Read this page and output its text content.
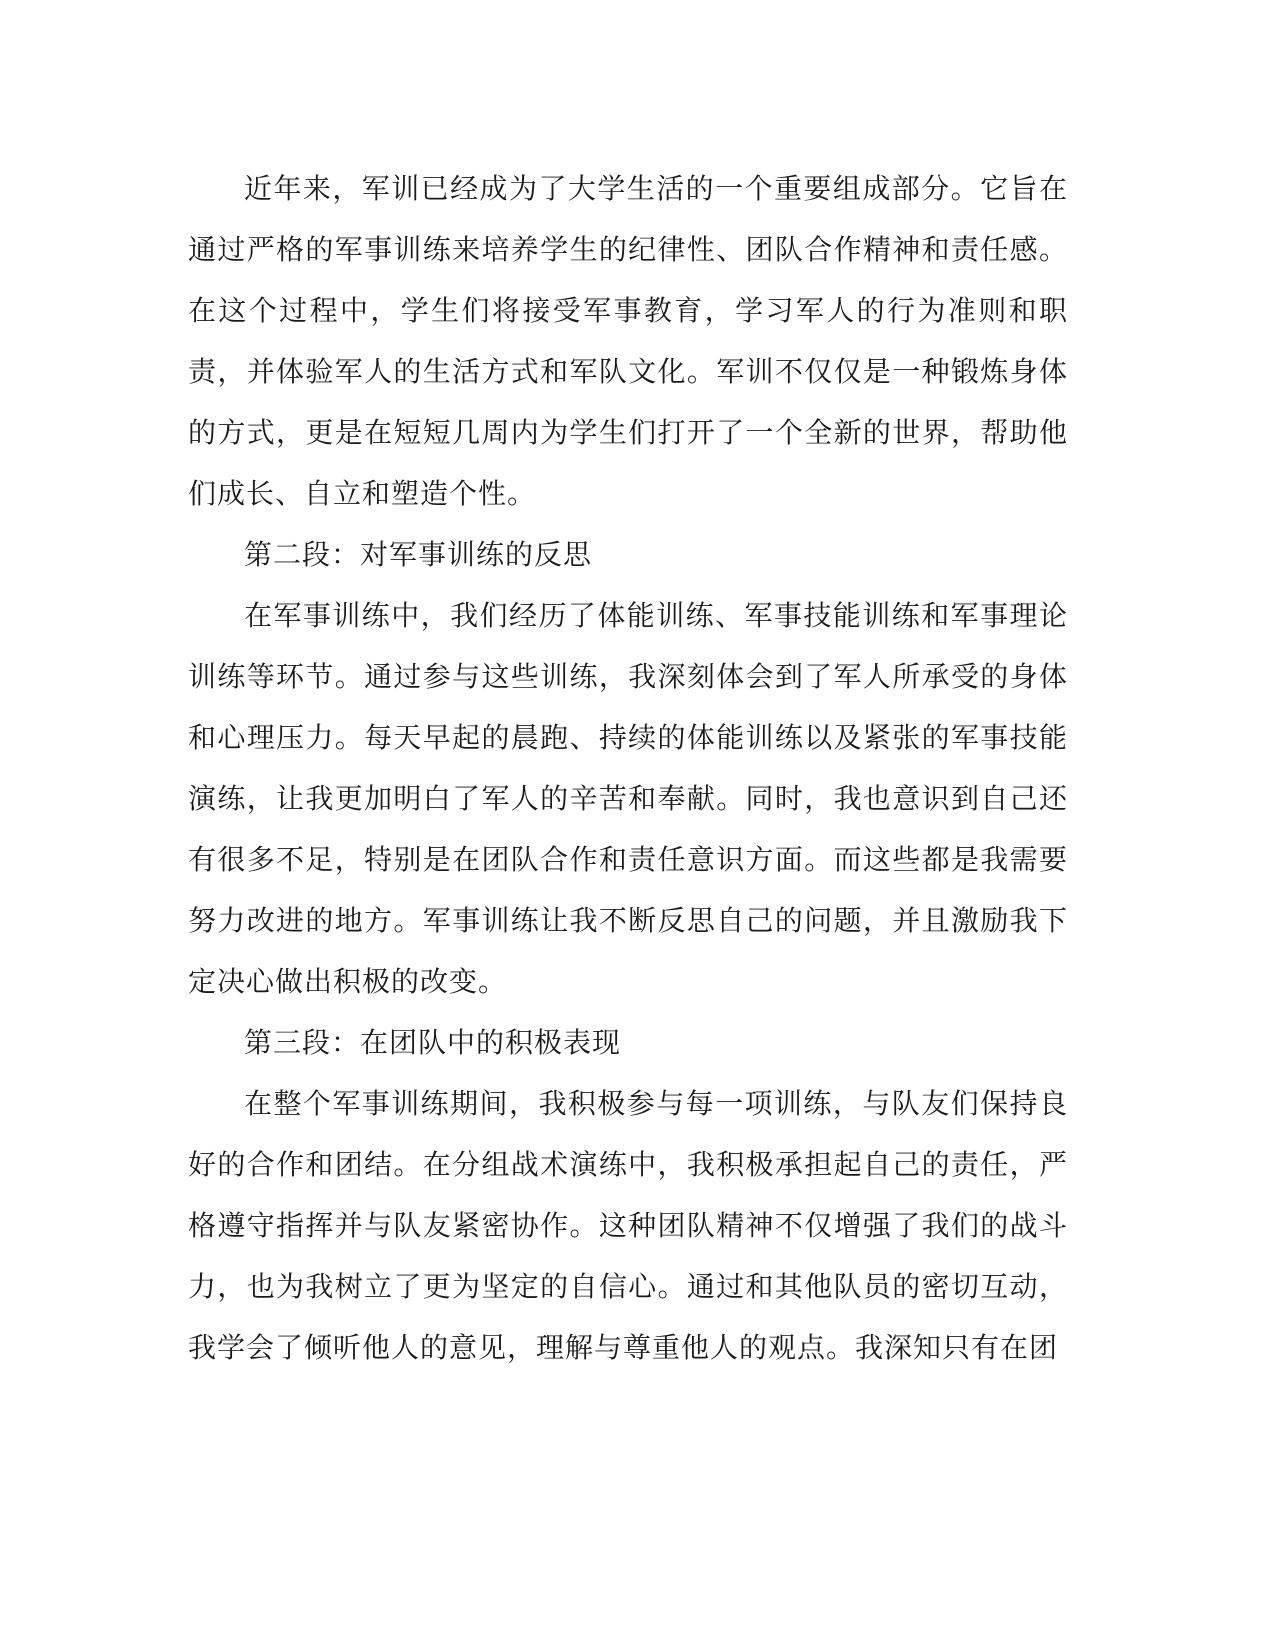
近年来，军训已经成为了大学生活的一个重要组成部分。它旨在通过严格的军事训练来培养学生的纪律性、团队合作精神和责任感。在这个过程中，学生们将接受军事教育，学习军人的行为准则和职责，并体验军人的生活方式和军队文化。军训不仅仅是一种锻炼身体的方式，更是在短短几周内为学生们打开了一个全新的世界，帮助他们成长、自立和塑造个性。

第二段：对军事训练的反思

在军事训练中，我们经历了体能训练、军事技能训练和军事理论训练等环节。通过参与这些训练，我深刻体会到了军人所承受的身体和心理压力。每天早起的晨跑、持续的体能训练以及紧张的军事技能演练，让我更加明白了军人的辛苦和奉献。同时，我也意识到自己还有很多不足，特别是在团队合作和责任意识方面。而这些都是我需要努力改进的地方。军事训练让我不断反思自己的问题，并且激励我下定决心做出积极的改变。

第三段：在团队中的积极表现

在整个军事训练期间，我积极参与每一项训练，与队友们保持良好的合作和团结。在分组战术演练中，我积极承担起自己的责任，严格遵守指挥并与队友紧密协作。这种团队精神不仅增强了我们的战斗力，也为我树立了更为坚定的自信心。通过和其他队员的密切互动，我学会了倾听他人的意见，理解与尊重他人的观点。我深知只有在团
